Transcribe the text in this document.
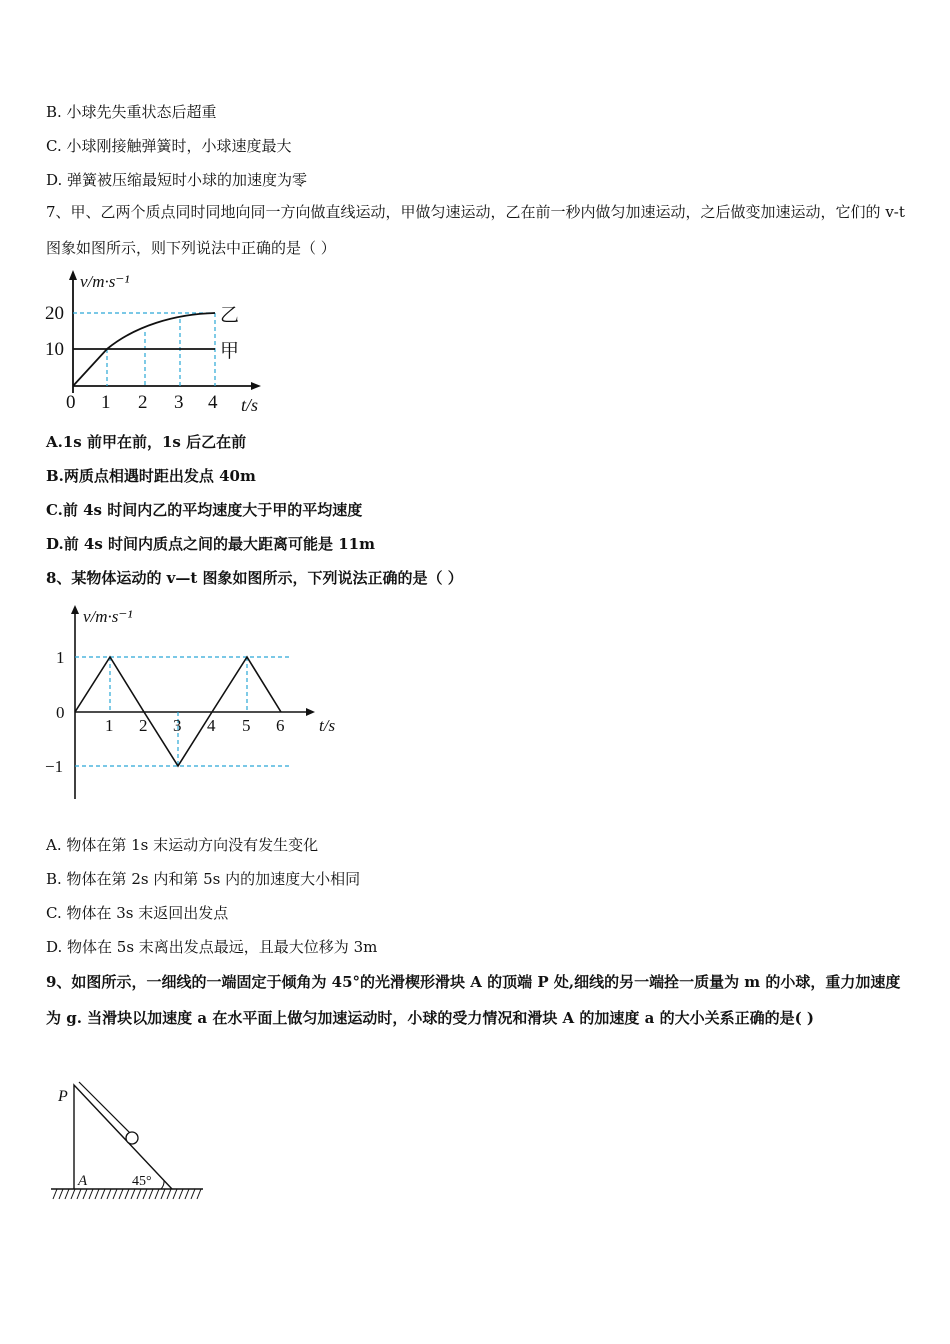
B. 小球先失重状态后超重
C. 小球刚接触弹簧时，小球速度最大
D. 弹簧被压缩最短时小球的加速度为零
7、甲、乙两个质点同时同地向同一方向做直线运动，甲做匀速运动，乙在前一秒内做匀加速运动，之后做变加速运动，它们的 v-t 图象如图所示，则下列说法中正确的是（ ）
v/m·s⁻¹
20
10
0 1 2 3 4 t/s
乙
甲
A.1s 前甲在前，1s 后乙在前
B.两质点相遇时距出发点 40m
C.前 4s 时间内乙的平均速度大于甲的平均速度
D.前 4s 时间内质点之间的最大距离可能是 11m
8、某物体运动的 v—t 图象如图所示，下列说法正确的是（ ）
v/m·s⁻¹
1
0
−1
1 2 3 4 5 6 t/s
A. 物体在第 1s 末运动方向没有发生变化
B. 物体在第 2s 内和第 5s 内的加速度大小相同
C. 物体在 3s 末返回出发点
D. 物体在 5s 末离出发点最远，且最大位移为 3m
9、如图所示，一细线的一端固定于倾角为 45°的光滑楔形滑块 A 的顶端 P 处,细线的另一端拴一质量为 m 的小球，重力加速度为 g. 当滑块以加速度 a 在水平面上做匀加速运动时，小球的受力情况和滑块 A 的加速度 a 的大小关系正确的是( )
P
A	45°
